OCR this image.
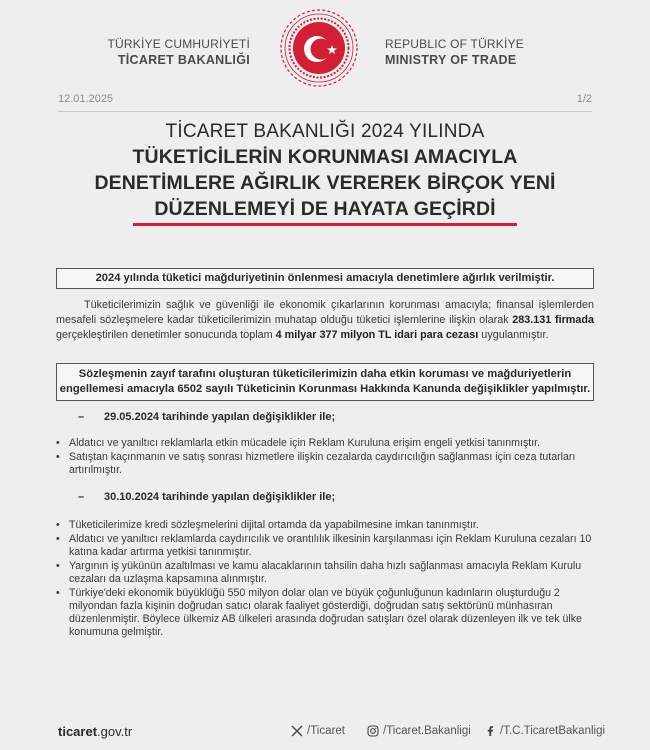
TÜRKİYE CUMHURİYETİ
TİCARET BAKANLIĞI
REPUBLIC OF TÜRKİYE
MINISTRY OF TRADE
12.01.2025	1/2
TİCARET BAKANLIĞI 2024 YILINDA
TÜKETİCİLERİN KORUNMASI AMACIYLA
DENETİMLERE AĞIRLIK VEREREK BİRÇOK YENİ
DÜZENLEMEYİ DE HAYATA GEÇİRDİ
2024 yılında tüketici mağduriyetinin önlenmesi amacıyla denetimlere ağırlık verilmiştir.

Tüketicilerimizin sağlık ve güvenliği ile ekonomik çıkarlarının korunması amacıyla; finansal işlemlerden mesafeli sözleşmelere kadar tüketicilerimizin muhatap olduğu tüketici işlemlerine ilişkin olarak 283.131 firmada gerçekleştirilen denetimler sonucunda toplam 4 milyar 377 milyon TL idari para cezası uygulanmıştır.

Sözleşmenin zayıf tarafını oluşturan tüketicilerimizin daha etkin koruması ve mağduriyetlerin
engellemesi amacıyla 6502 sayılı Tüketicinin Korunması Hakkında Kanunda değişiklikler yapılmıştır.
– 29.05.2024 tarihinde yapılan değişiklikler ile;
• Aldatıcı ve yanıltıcı reklamlarla etkin mücadele için Reklam Kuruluna erişim engeli yetkisi tanınmıştır.
• Satıştan kaçınmanın ve satış sonrası hizmetlere ilişkin cezalarda caydırıcılığın sağlanması için ceza tutarları artırılmıştır.
– 30.10.2024 tarihinde yapılan değişiklikler ile;
• Tüketicilerimize kredi sözleşmelerini dijital ortamda da yapabilmesine imkan tanınmıştır.
• Aldatıcı ve yanıltıcı reklamlarda caydırıcılık ve orantılılık ilkesinin karşılanması için Reklam Kuruluna cezaları 10 katına kadar artırma yetkisi tanınmıştır.
• Yargının iş yükünün azaltılması ve kamu alacaklarının tahsilin daha hızlı sağlanması amacıyla Reklam Kurulu cezaları da uzlaşma kapsamına alınmıştır.
• Türkiye'deki ekonomik büyüklüğü 550 milyon dolar olan ve büyük çoğunluğunun kadınların oluşturduğu 2 milyondan fazla kişinin doğrudan satıcı olarak faaliyet gösterdiği, doğrudan satış sektörünü münhasıran düzenlenmiştir. Böylece ülkemiz AB ülkeleri arasında doğrudan satışları özel olarak düzenleyen ilk ve tek ülke konumuna gelmiştir.
ticaret.gov.tr	/Ticaret	/Ticaret.Bakanligi	/T.C.TicaretBakanligi
